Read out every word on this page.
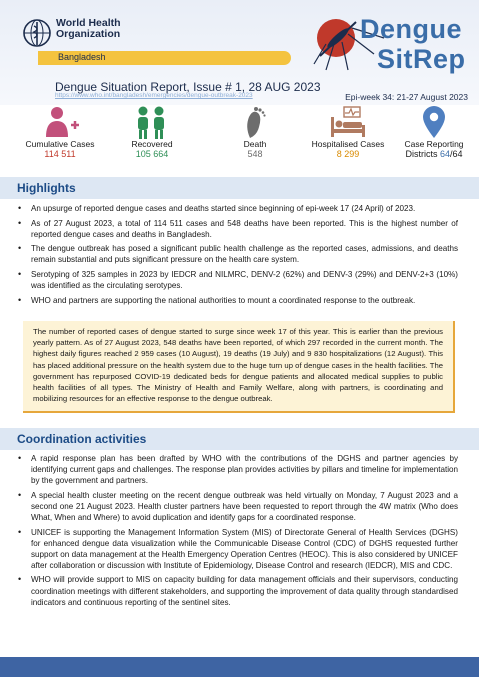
World Health
Organization
Bangladesh
Dengue Situation Report, Issue # 1, 28 AUG 2023
https://www.who.int/bangladesh/emergencies/dengue-outbreak-2023
Dengue
SitRep
Epi-week 34: 21-27 August 2023
Cumulative Cases
114 511
Recovered
105 664
Death
548
Hospitalised Cases
8 299
Case Reporting
Districts 64/64
Highlights
• An upsurge of reported dengue cases and deaths started since beginning of epi-week 17 (24 April) of 2023.
• As of 27 August 2023, a total of 114 511 cases and 548 deaths have been reported. This is the highest number of reported dengue cases and deaths in Bangladesh.
• The dengue outbreak has posed a significant public health challenge as the reported cases, admissions, and deaths remain substantial and puts significant pressure on the health care system.
• Serotyping of 325 samples in 2023 by IEDCR and NILMRC, DENV-2 (62%) and DENV-3 (29%) and DENV-2+3 (10%) was identified as the circulating serotypes.
• WHO and partners are supporting the national authorities to mount a coordinated response to the outbreak.

The number of reported cases of dengue started to surge since week 17 of this year. This is earlier than the previous yearly pattern. As of 27 August 2023, 548 deaths have been reported, of which 297 recorded in the current month. The highest daily figures reached 2 959 cases (10 August), 19 deaths (19 July) and 9 830 hospitalizations (12 August). This has placed additional pressure on the health system due to the huge turn up of dengue cases in the health facilities. The government has repurposed COVID-19 dedicated beds for dengue patients and allocated medical supplies to public health facilities of all types. The Ministry of Health and Family Welfare, along with partners, is coordinating and mobilizing resources for an effective response to the dengue outbreak.

Coordination activities
• A rapid response plan has been drafted by WHO with the contributions of the DGHS and partner agencies by identifying current gaps and challenges. The response plan provides activities by pillars and timeline for implementation by the government and partners.
• A special health cluster meeting on the recent dengue outbreak was held virtually on Monday, 7 August 2023 and a second one 21 August 2023. Health cluster partners have been requested to report through the 4W matrix (Who does What, When and Where) to avoid duplication and identify gaps for a coordinated response.
• UNICEF is supporting the Management Information System (MIS) of Directorate General of Health Services (DGHS) for enhanced dengue data visualization while the Communicable Disease Control (CDC) of DGHS requested further support on data management at the Health Emergency Operation Centres (HEOC). This is also considered by UNICEF after collaboration or discussion with Institute of Epidemiology, Disease Control and research (IEDCR), MIS and CDC.
• WHO will provide support to MIS on capacity building for data management officials and their supervisors, conducting coordination meetings with different stakeholders, and supporting the improvement of data quality through standardised indicators and continuous reporting of the sentinel sites.
